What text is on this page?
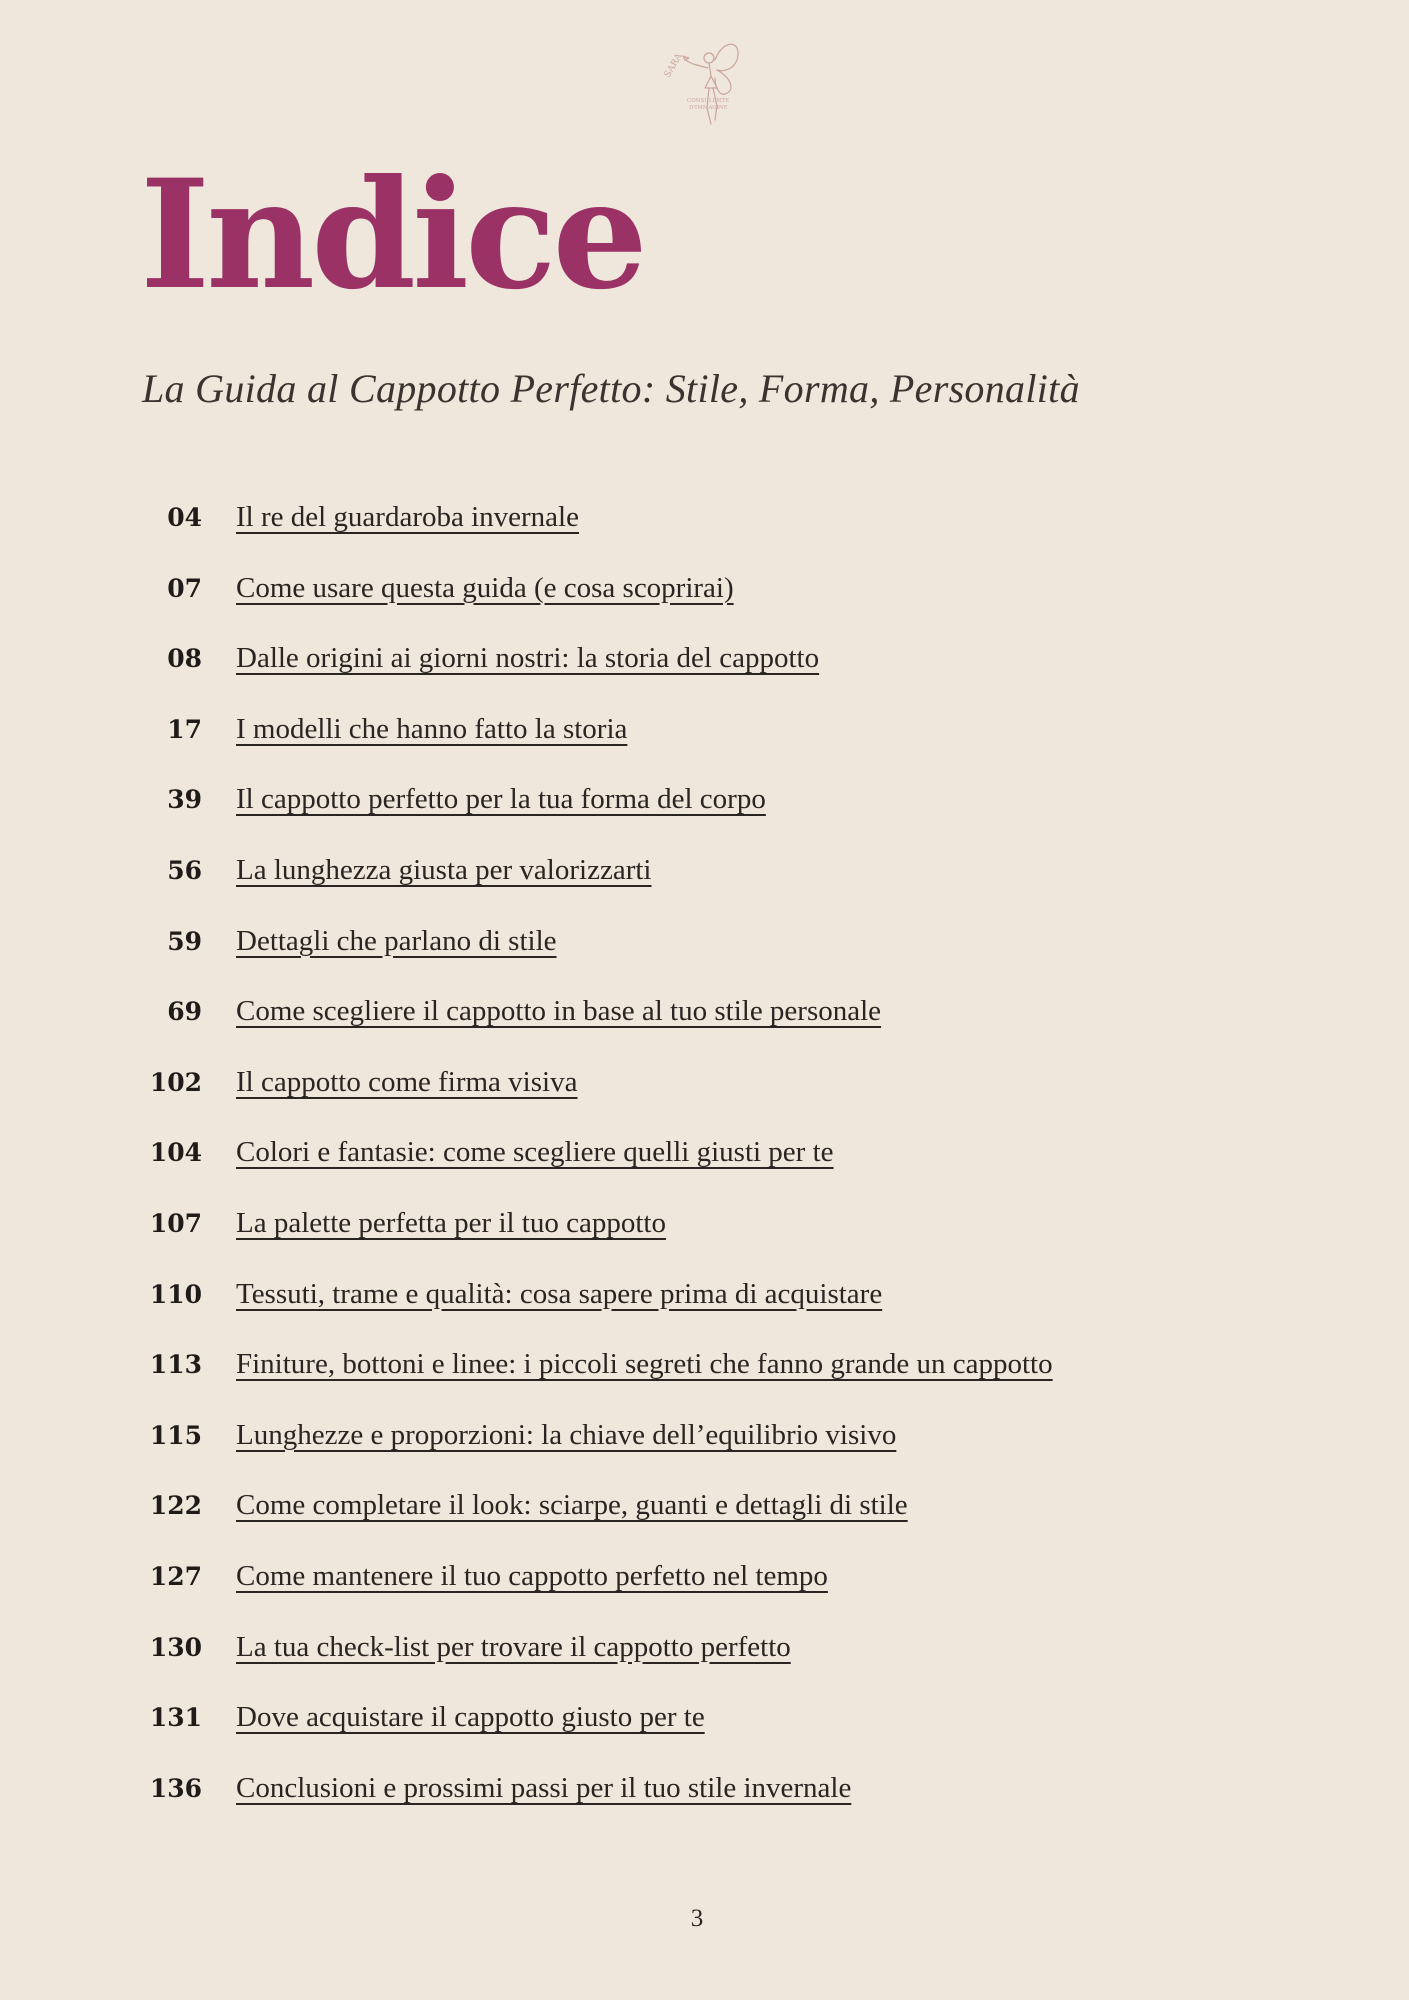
SARA
CONSULENTE
D'IMMAGINE
Indice
La Guida al Cappotto Perfetto: Stile, Forma, Personalità
04 Il re del guardaroba invernale
07 Come usare questa guida (e cosa scoprirai)
08 Dalle origini ai giorni nostri: la storia del cappotto
17 I modelli che hanno fatto la storia
39 Il cappotto perfetto per la tua forma del corpo
56 La lunghezza giusta per valorizzarti
59 Dettagli che parlano di stile
69 Come scegliere il cappotto in base al tuo stile personale
102 Il cappotto come firma visiva
104 Colori e fantasie: come scegliere quelli giusti per te
107 La palette perfetta per il tuo cappotto
110 Tessuti, trame e qualità: cosa sapere prima di acquistare
113 Finiture, bottoni e linee: i piccoli segreti che fanno grande un cappotto
115 Lunghezze e proporzioni: la chiave dell’equilibrio visivo
122 Come completare il look: sciarpe, guanti e dettagli di stile
127 Come mantenere il tuo cappotto perfetto nel tempo
130 La tua check-list per trovare il cappotto perfetto
131 Dove acquistare il cappotto giusto per te
136 Conclusioni e prossimi passi per il tuo stile invernale
3
